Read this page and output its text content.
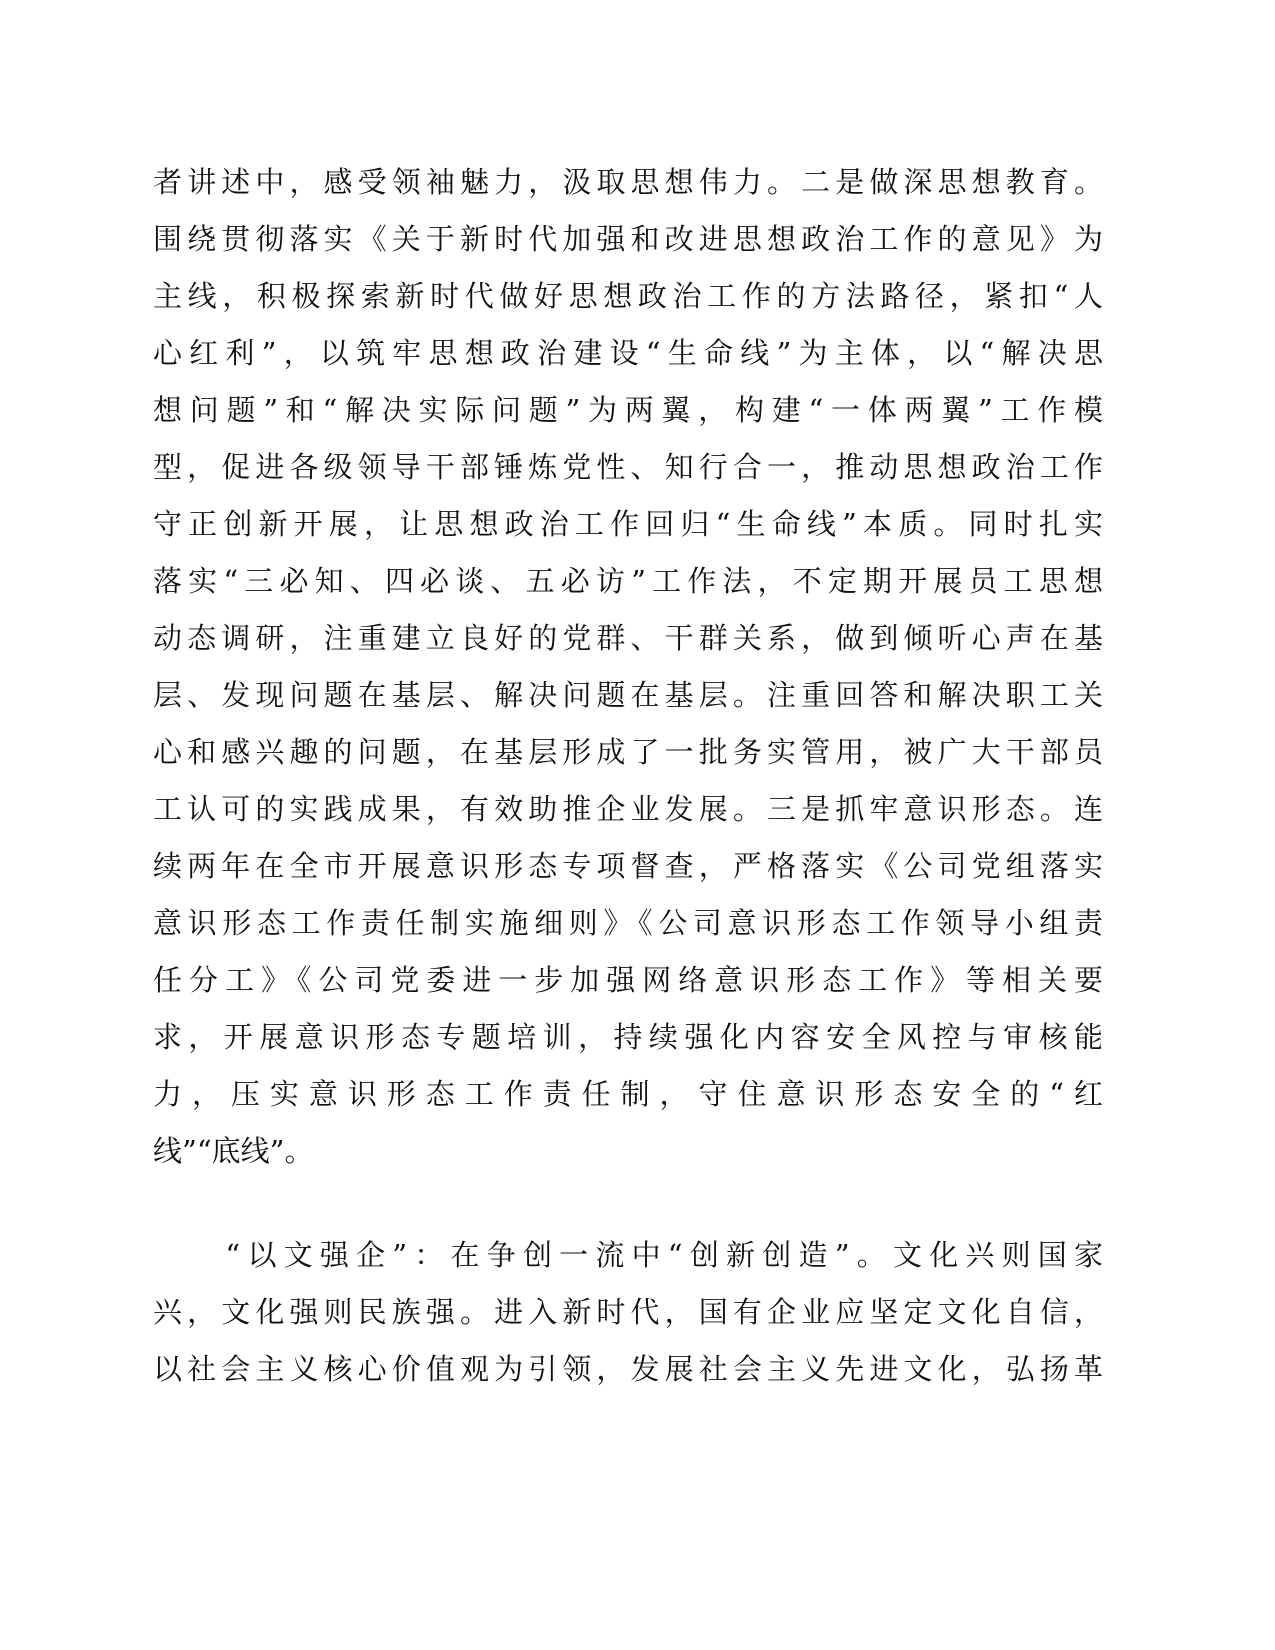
者讲述中，感受领袖魅力，汲取思想伟力。二是做深思想教育。
围绕贯彻落实《关于新时代加强和改进思想政治工作的意见》为
主线，积极探索新时代做好思想政治工作的方法路径，紧扣“人
心红利”，以筑牢思想政治建设“生命线”为主体，以“解决思
想问题”和“解决实际问题”为两翼，构建“一体两翼”工作模
型，促进各级领导干部锤炼党性、知行合一，推动思想政治工作
守正创新开展，让思想政治工作回归“生命线”本质。同时扎实
落实“三必知、四必谈、五必访”工作法，不定期开展员工思想
动态调研，注重建立良好的党群、干群关系，做到倾听心声在基
层、发现问题在基层、解决问题在基层。注重回答和解决职工关
心和感兴趣的问题，在基层形成了一批务实管用，被广大干部员
工认可的实践成果，有效助推企业发展。三是抓牢意识形态。连
续两年在全市开展意识形态专项督查，严格落实《公司党组落实
意识形态工作责任制实施细则》《公司意识形态工作领导小组责
任分工》《公司党委进一步加强网络意识形态工作》等相关要
求，开展意识形态专题培训，持续强化内容安全风控与审核能
力，压实意识形态工作责任制，守住意识形态安全的“红
线”“底线”。
　　“以文强企”：在争创一流中“创新创造”。文化兴则国家
兴，文化强则民族强。进入新时代，国有企业应坚定文化自信，
以社会主义核心价值观为引领，发展社会主义先进文化，弘扬革
